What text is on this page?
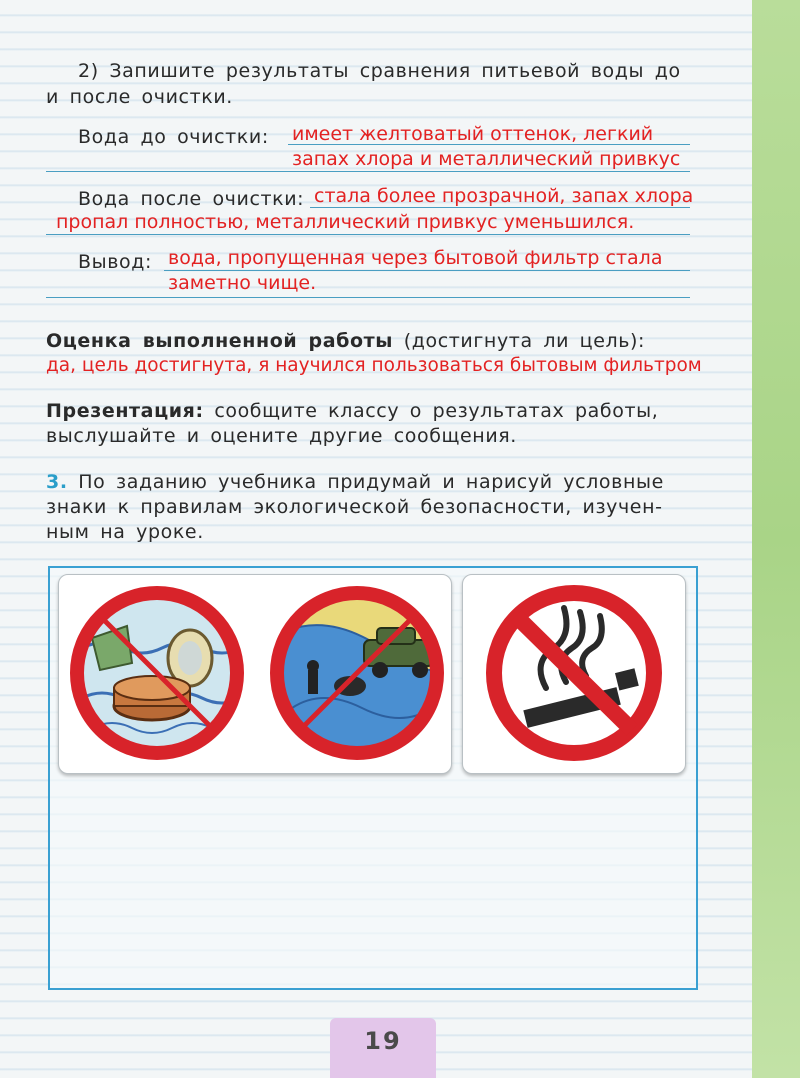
2) Запишите результаты сравнения питьевой воды до
и после очистки.
Вода до очистки: имеет желтоватый оттенок, легкий
запах хлора и металлический привкус
Вода после очистки: стала более прозрачной, запах хлора
пропал полностью, металлический привкус уменьшился.
Вывод: вода, пропущенная через бытовой фильтр стала
заметно чище.
Оценка выполненной работы (достигнута ли цель):
да, цель достигнута, я научился пользоваться бытовым фильтром
Презентация: сообщите классу о результатах работы,
выслушайте и оцените другие сообщения.
3. По заданию учебника придумай и нарисуй условные
знаки к правилам экологической безопасности, изучен-
ным на уроке.
19
